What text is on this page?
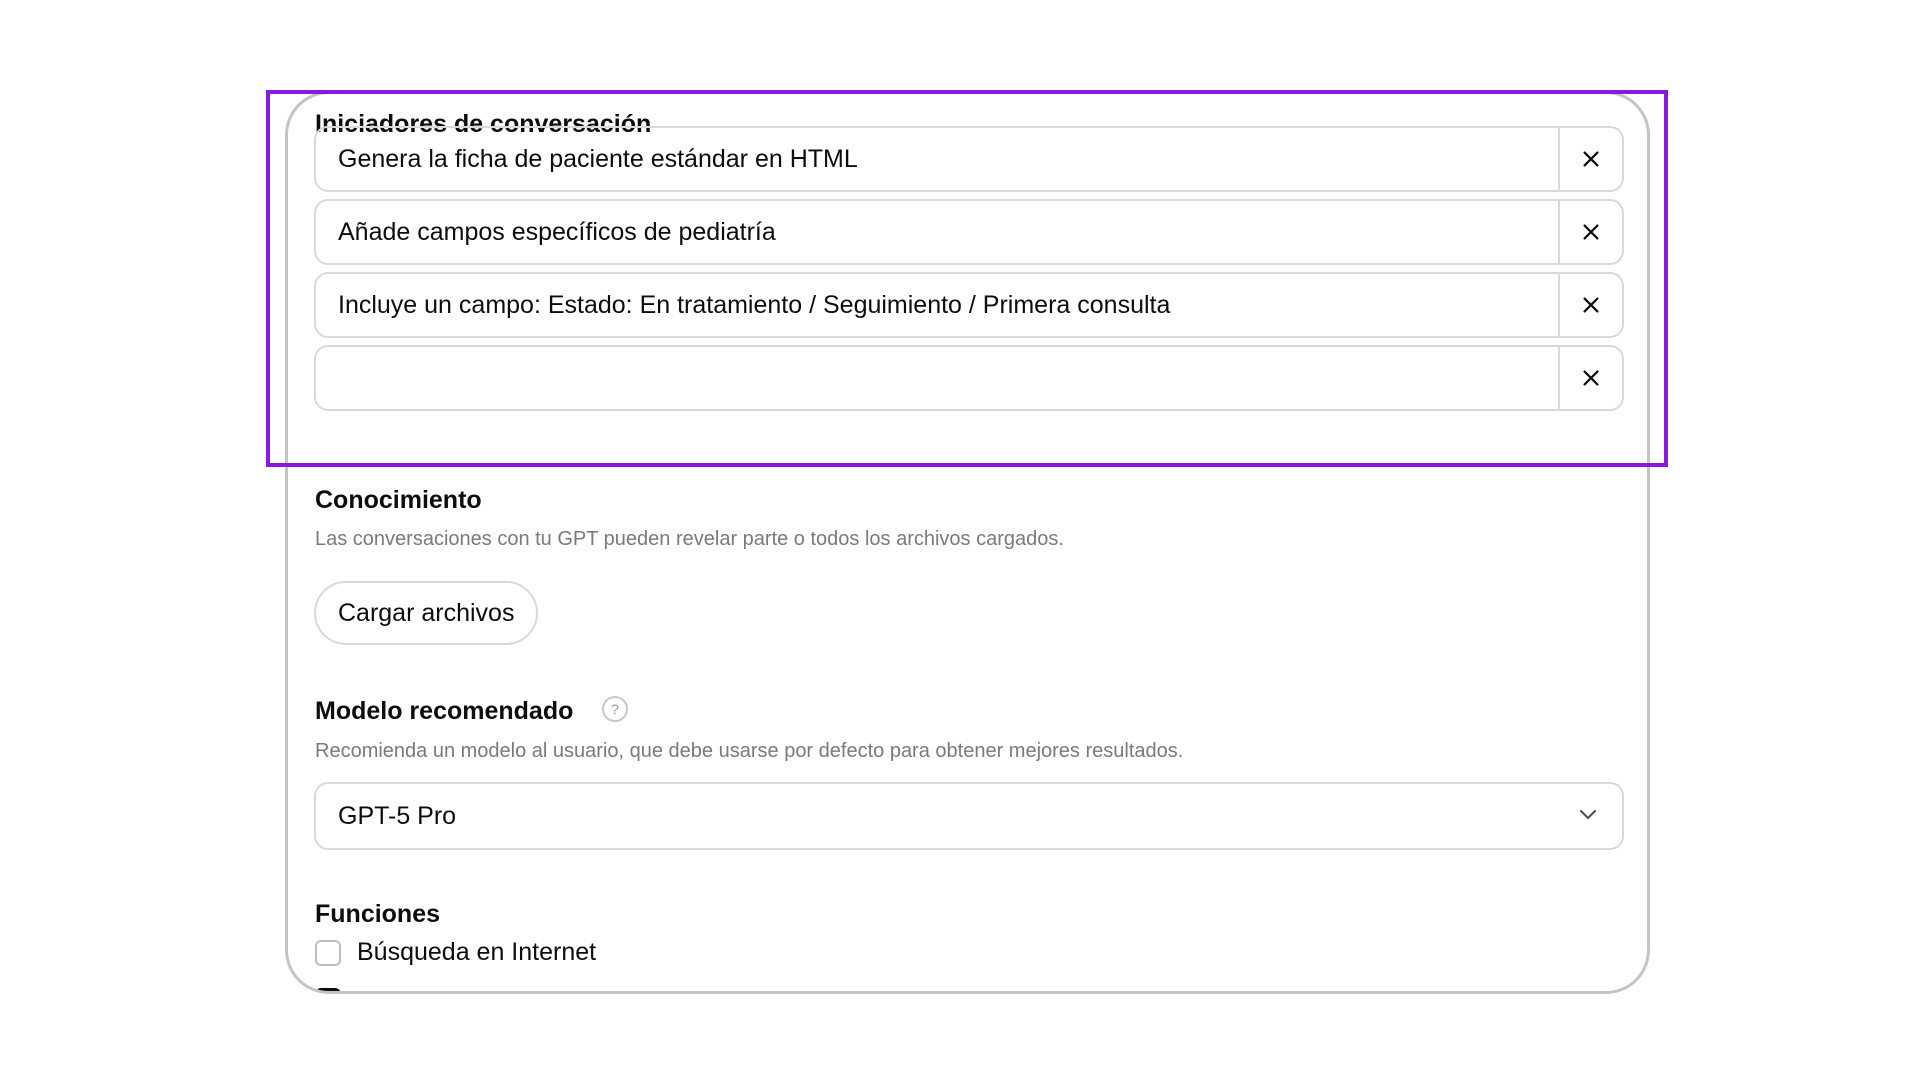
Iniciadores de conversación
Genera la ficha de paciente estándar en HTML
Añade campos específicos de pediatría
Incluye un campo: Estado: En tratamiento / Seguimiento / Primera consulta
Conocimiento

Las conversaciones con tu GPT pueden revelar parte o todos los archivos cargados.

Cargar archivos
Modelo recomendado	?

Recomienda un modelo al usuario, que debe usarse por defecto para obtener mejores resultados.

GPT-5 Pro
Funciones
Búsqueda en Internet
